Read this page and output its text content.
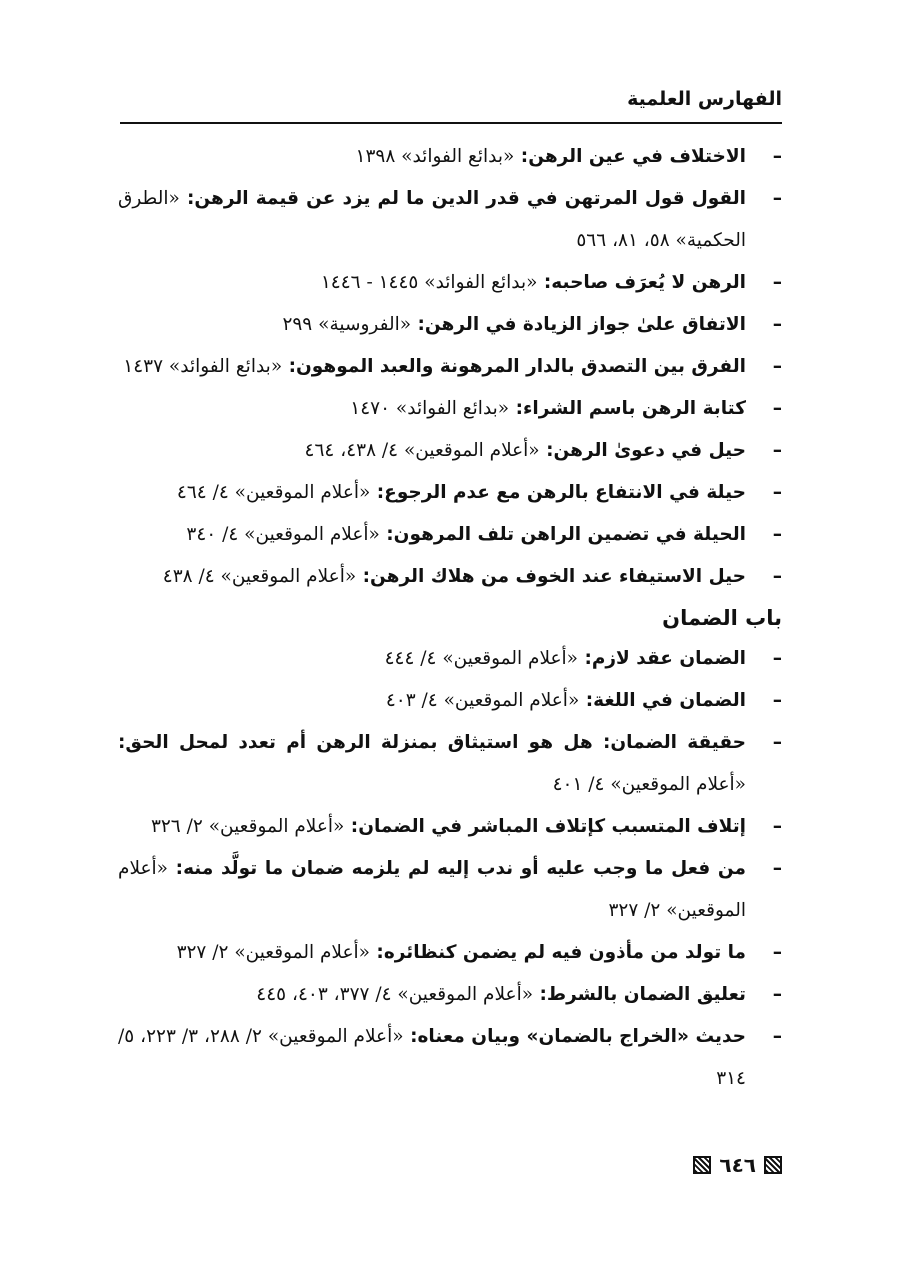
الفهارس العلمية
–
الاختلاف في عين الرهن: «بدائع الفوائد» ١٣٩٨
–
القول قول المرتهن في قدر الدين ما لم يزد عن قيمة الرهن: «الطرق الحكمية» ٥٨، ٨١، ٥٦٦
–
الرهن لا يُعرَف صاحبه: «بدائع الفوائد» ١٤٤٥ - ١٤٤٦
–
الاتفاق علىٰ جواز الزيادة في الرهن: «الفروسية» ٢٩٩
–
الفرق بين التصدق بالدار المرهونة والعبد الموهون: «بدائع الفوائد» ١٤٣٧
–
كتابة الرهن باسم الشراء: «بدائع الفوائد» ١٤٧٠
–
حيل في دعوىٰ الرهن: «أعلام الموقعين» ٤/ ٤٣٨، ٤٦٤
–
حيلة في الانتفاع بالرهن مع عدم الرجوع: «أعلام الموقعين» ٤/ ٤٦٤
–
الحيلة في تضمين الراهن تلف المرهون: «أعلام الموقعين» ٤/ ٣٤٠
–
حيل الاستيفاء عند الخوف من هلاك الرهن: «أعلام الموقعين» ٤/ ٤٣٨
باب الضمان
–
الضمان عقد لازم: «أعلام الموقعين» ٤/ ٤٤٤
–
الضمان في اللغة: «أعلام الموقعين» ٤/ ٤٠٣
–
حقيقة الضمان: هل هو استيثاق بمنزلة الرهن أم تعدد لمحل الحق: «أعلام الموقعين» ٤/ ٤٠١
–
إتلاف المتسبب كإتلاف المباشر في الضمان: «أعلام الموقعين» ٢/ ٣٢٦
–
من فعل ما وجب عليه أو ندب إليه لم يلزمه ضمان ما تولَّد منه: «أعلام الموقعين» ٢/ ٣٢٧
–
ما تولد من مأذون فيه لم يضمن كنظائره: «أعلام الموقعين» ٢/ ٣٢٧
–
تعليق الضمان بالشرط: «أعلام الموقعين» ٤/ ٣٧٧، ٤٠٣، ٤٤٥
–
حديث «الخراج بالضمان» وبيان معناه: «أعلام الموقعين» ٢/ ٢٨٨، ٣/ ٢٢٣، ٥/ ٣١٤
٦٤٦
